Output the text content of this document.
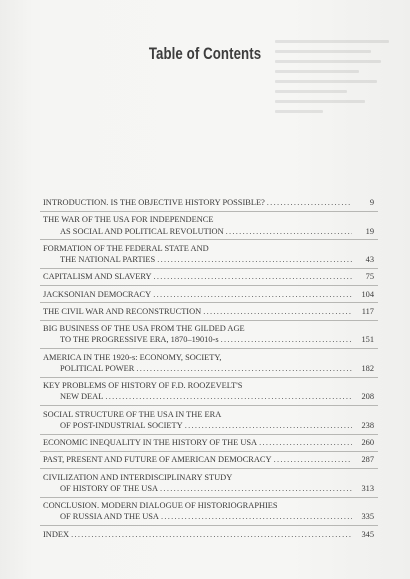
Table of Contents
INTRODUCTION. IS THE OBJECTIVE HISTORY POSSIBLE? . . .	9
THE WAR OF THE USA FOR INDEPENDENCE
AS SOCIAL AND POLITICAL REVOLUTION . . .	19
FORMATION OF THE FEDERAL STATE AND
THE NATIONAL PARTIES . . .	43
CAPITALISM AND SLAVERY . . .	75
JACKSONIAN DEMOCRACY . . .	104
THE CIVIL WAR AND RECONSTRUCTION . . .	117
BIG BUSINESS OF THE USA FROM THE GILDED AGE
TO THE PROGRESSIVE ERA, 1870–19010-s . . .	151
AMERICA IN THE 1920-s: ECONOMY, SOCIETY,
POLITICAL POWER . . .	182
KEY PROBLEMS OF HISTORY OF F.D. ROOZEVELT'S
NEW DEAL . . .	208
SOCIAL STRUCTURE OF THE USA IN THE ERA
OF POST-INDUSTRIAL SOCIETY . . .	238
ECONOMIC INEQUALITY IN THE HISTORY OF THE USA . . .	260
PAST, PRESENT AND FUTURE OF AMERICAN DEMOCRACY . . .	287
CIVILIZATION AND INTERDISCIPLINARY STUDY
OF HISTORY OF THE USA . . .	313
CONCLUSION. MODERN DIALOGUE OF HISTORIOGRAPHIES
OF RUSSIA AND THE USA . . .	335
INDEX . . .	345
